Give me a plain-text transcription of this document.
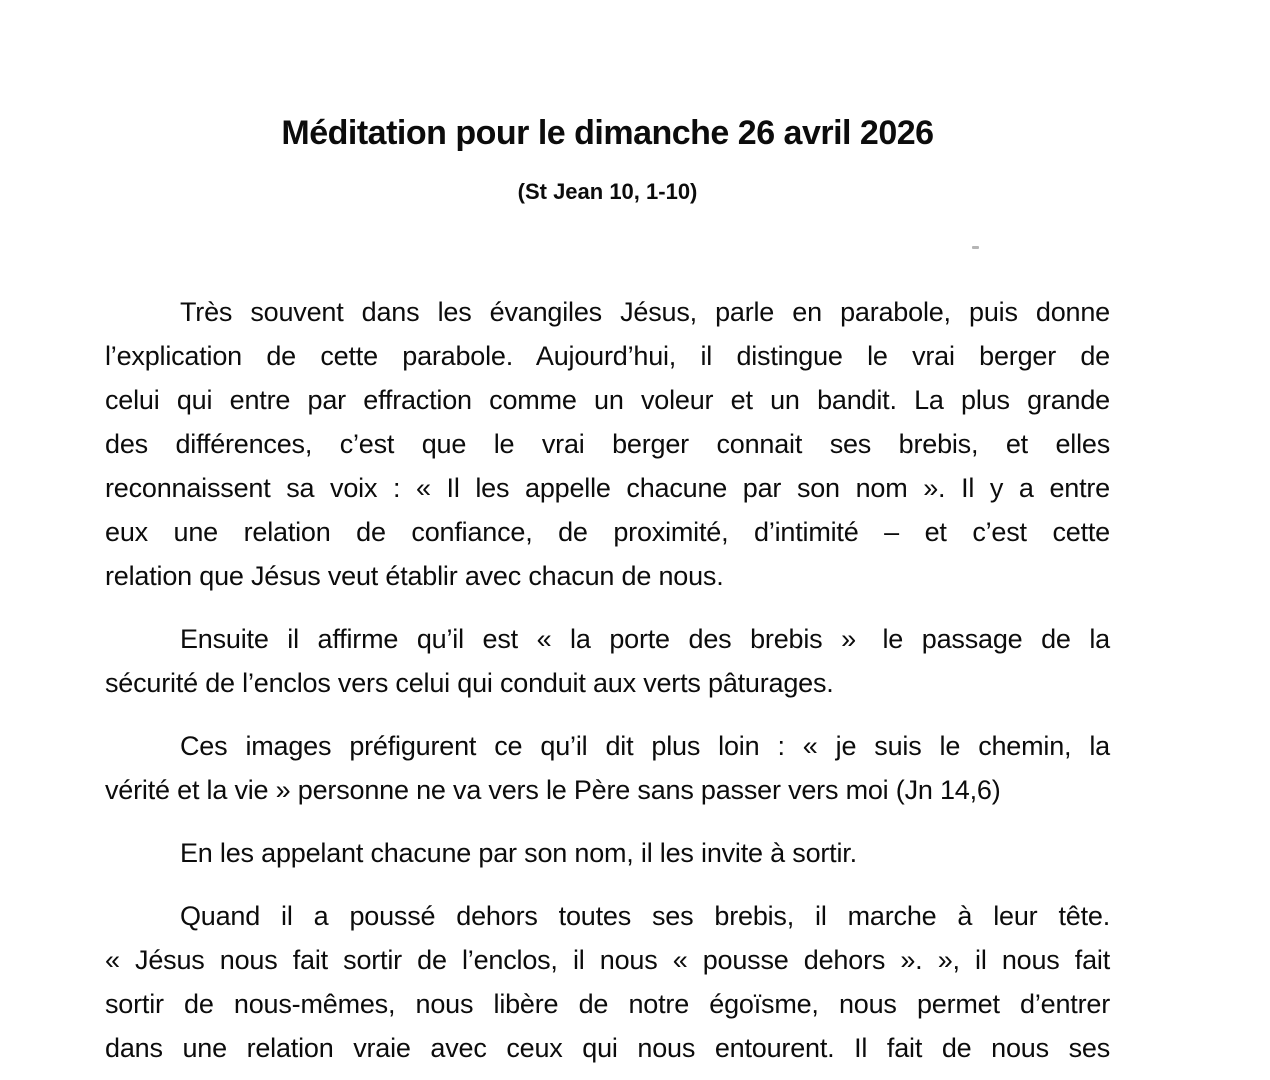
Méditation pour le dimanche 26 avril 2026
(St Jean 10, 1-10)
Très souvent dans les évangiles Jésus, parle en parabole, puis donne
l’explication de cette parabole. Aujourd’hui, il distingue le vrai berger de
celui qui entre par effraction comme un voleur et un bandit. La plus grande
des différences, c’est que le vrai berger connait ses brebis, et elles
reconnaissent sa voix : « Il les appelle chacune par son nom ». Il y a entre
eux une relation de confiance, de proximité, d’intimité – et c’est cette
relation que Jésus veut établir avec chacun de nous.
Ensuite il affirme qu’il est « la porte des brebis »  le passage de la
sécurité de l’enclos vers celui qui conduit aux verts pâturages.
Ces images préfigurent ce qu’il dit plus loin : « je suis le chemin, la
vérité et la vie » personne ne va vers le Père sans passer vers moi (Jn 14,6)
En les appelant chacune par son nom, il les invite à sortir.
Quand il a poussé dehors toutes ses brebis, il marche à leur tête.
« Jésus nous fait sortir de l’enclos, il nous « pousse dehors ». », il nous fait
sortir de nous-mêmes, nous libère de notre égoïsme, nous permet d’entrer
dans une relation vraie avec ceux qui nous entourent. Il fait de nous ses
